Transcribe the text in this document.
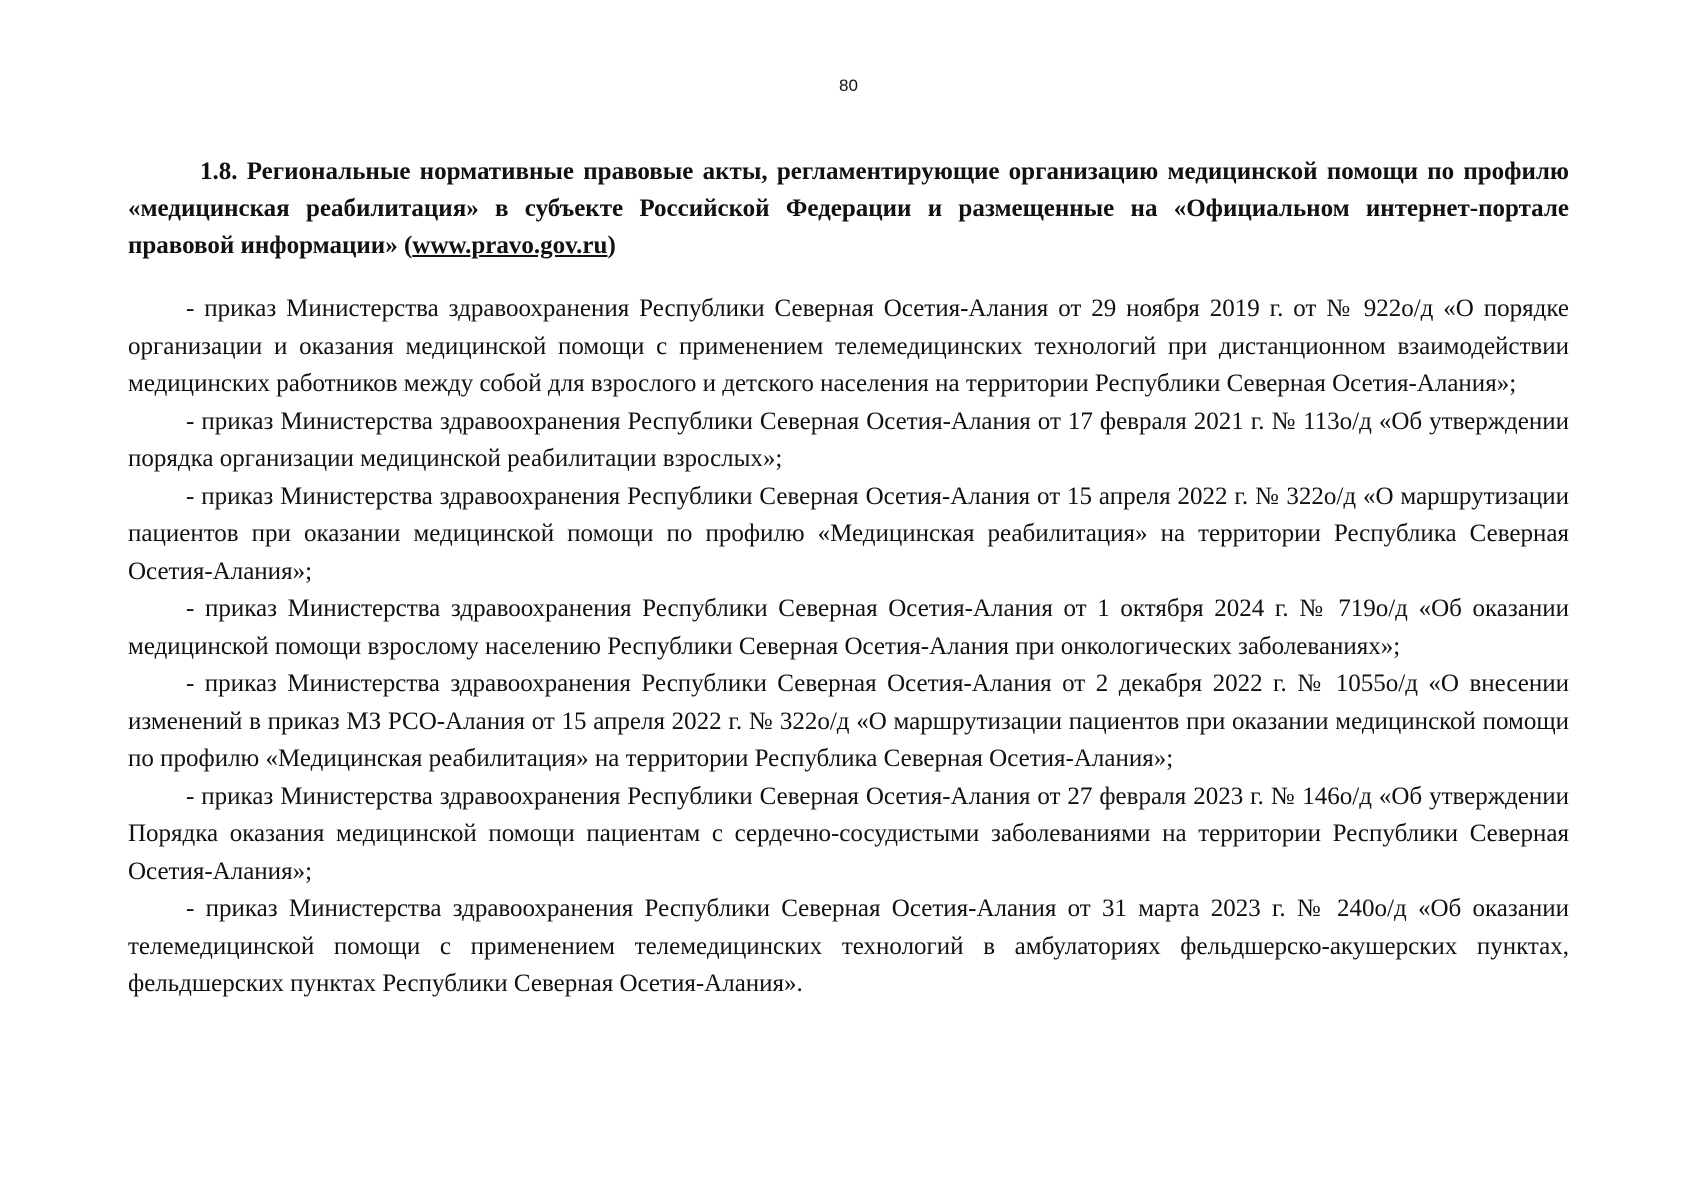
80

1.8. Региональные нормативные правовые акты, регламентирующие организацию медицинской помощи по профилю «медицинская реабилитация» в субъекте Российской Федерации и размещенные на «Официальном интернет-портале правовой информации» (www.pravo.gov.ru)

- приказ Министерства здравоохранения Республики Северная Осетия-Алания от 29 ноября 2019 г. от № 922о/д «О порядке организации и оказания медицинской помощи с применением телемедицинских технологий при дистанционном взаимодействии медицинских работников между собой для взрослого и детского населения на территории Республики Северная Осетия-Алания»;

- приказ Министерства здравоохранения Республики Северная Осетия-Алания от 17 февраля 2021 г. № 113о/д «Об утверждении порядка организации медицинской реабилитации взрослых»;

- приказ Министерства здравоохранения Республики Северная Осетия-Алания от 15 апреля 2022 г. № 322о/д «О маршрутизации пациентов при оказании медицинской помощи по профилю «Медицинская реабилитация» на территории Республика Северная Осетия-Алания»;

- приказ Министерства здравоохранения Республики Северная Осетия-Алания от 1 октября 2024 г. № 719о/д «Об оказании медицинской помощи взрослому населению Республики Северная Осетия-Алания при онкологических заболеваниях»;

- приказ Министерства здравоохранения Республики Северная Осетия-Алания от 2 декабря 2022 г. № 1055о/д «О внесении изменений в приказ МЗ РСО-Алания от 15 апреля 2022 г. № 322о/д «О маршрутизации пациентов при оказании медицинской помощи по профилю «Медицинская реабилитация» на территории Республика Северная Осетия-Алания»;

- приказ Министерства здравоохранения Республики Северная Осетия-Алания от 27 февраля 2023 г. № 146о/д «Об утверждении Порядка оказания медицинской помощи пациентам с сердечно-сосудистыми заболеваниями на территории Республики Северная Осетия-Алания»;

- приказ Министерства здравоохранения Республики Северная Осетия-Алания от 31 марта 2023 г. № 240о/д «Об оказании телемедицинской помощи с применением телемедицинских технологий в амбулаториях фельдшерско-акушерских пунктах, фельдшерских пунктах Республики Северная Осетия-Алания».
